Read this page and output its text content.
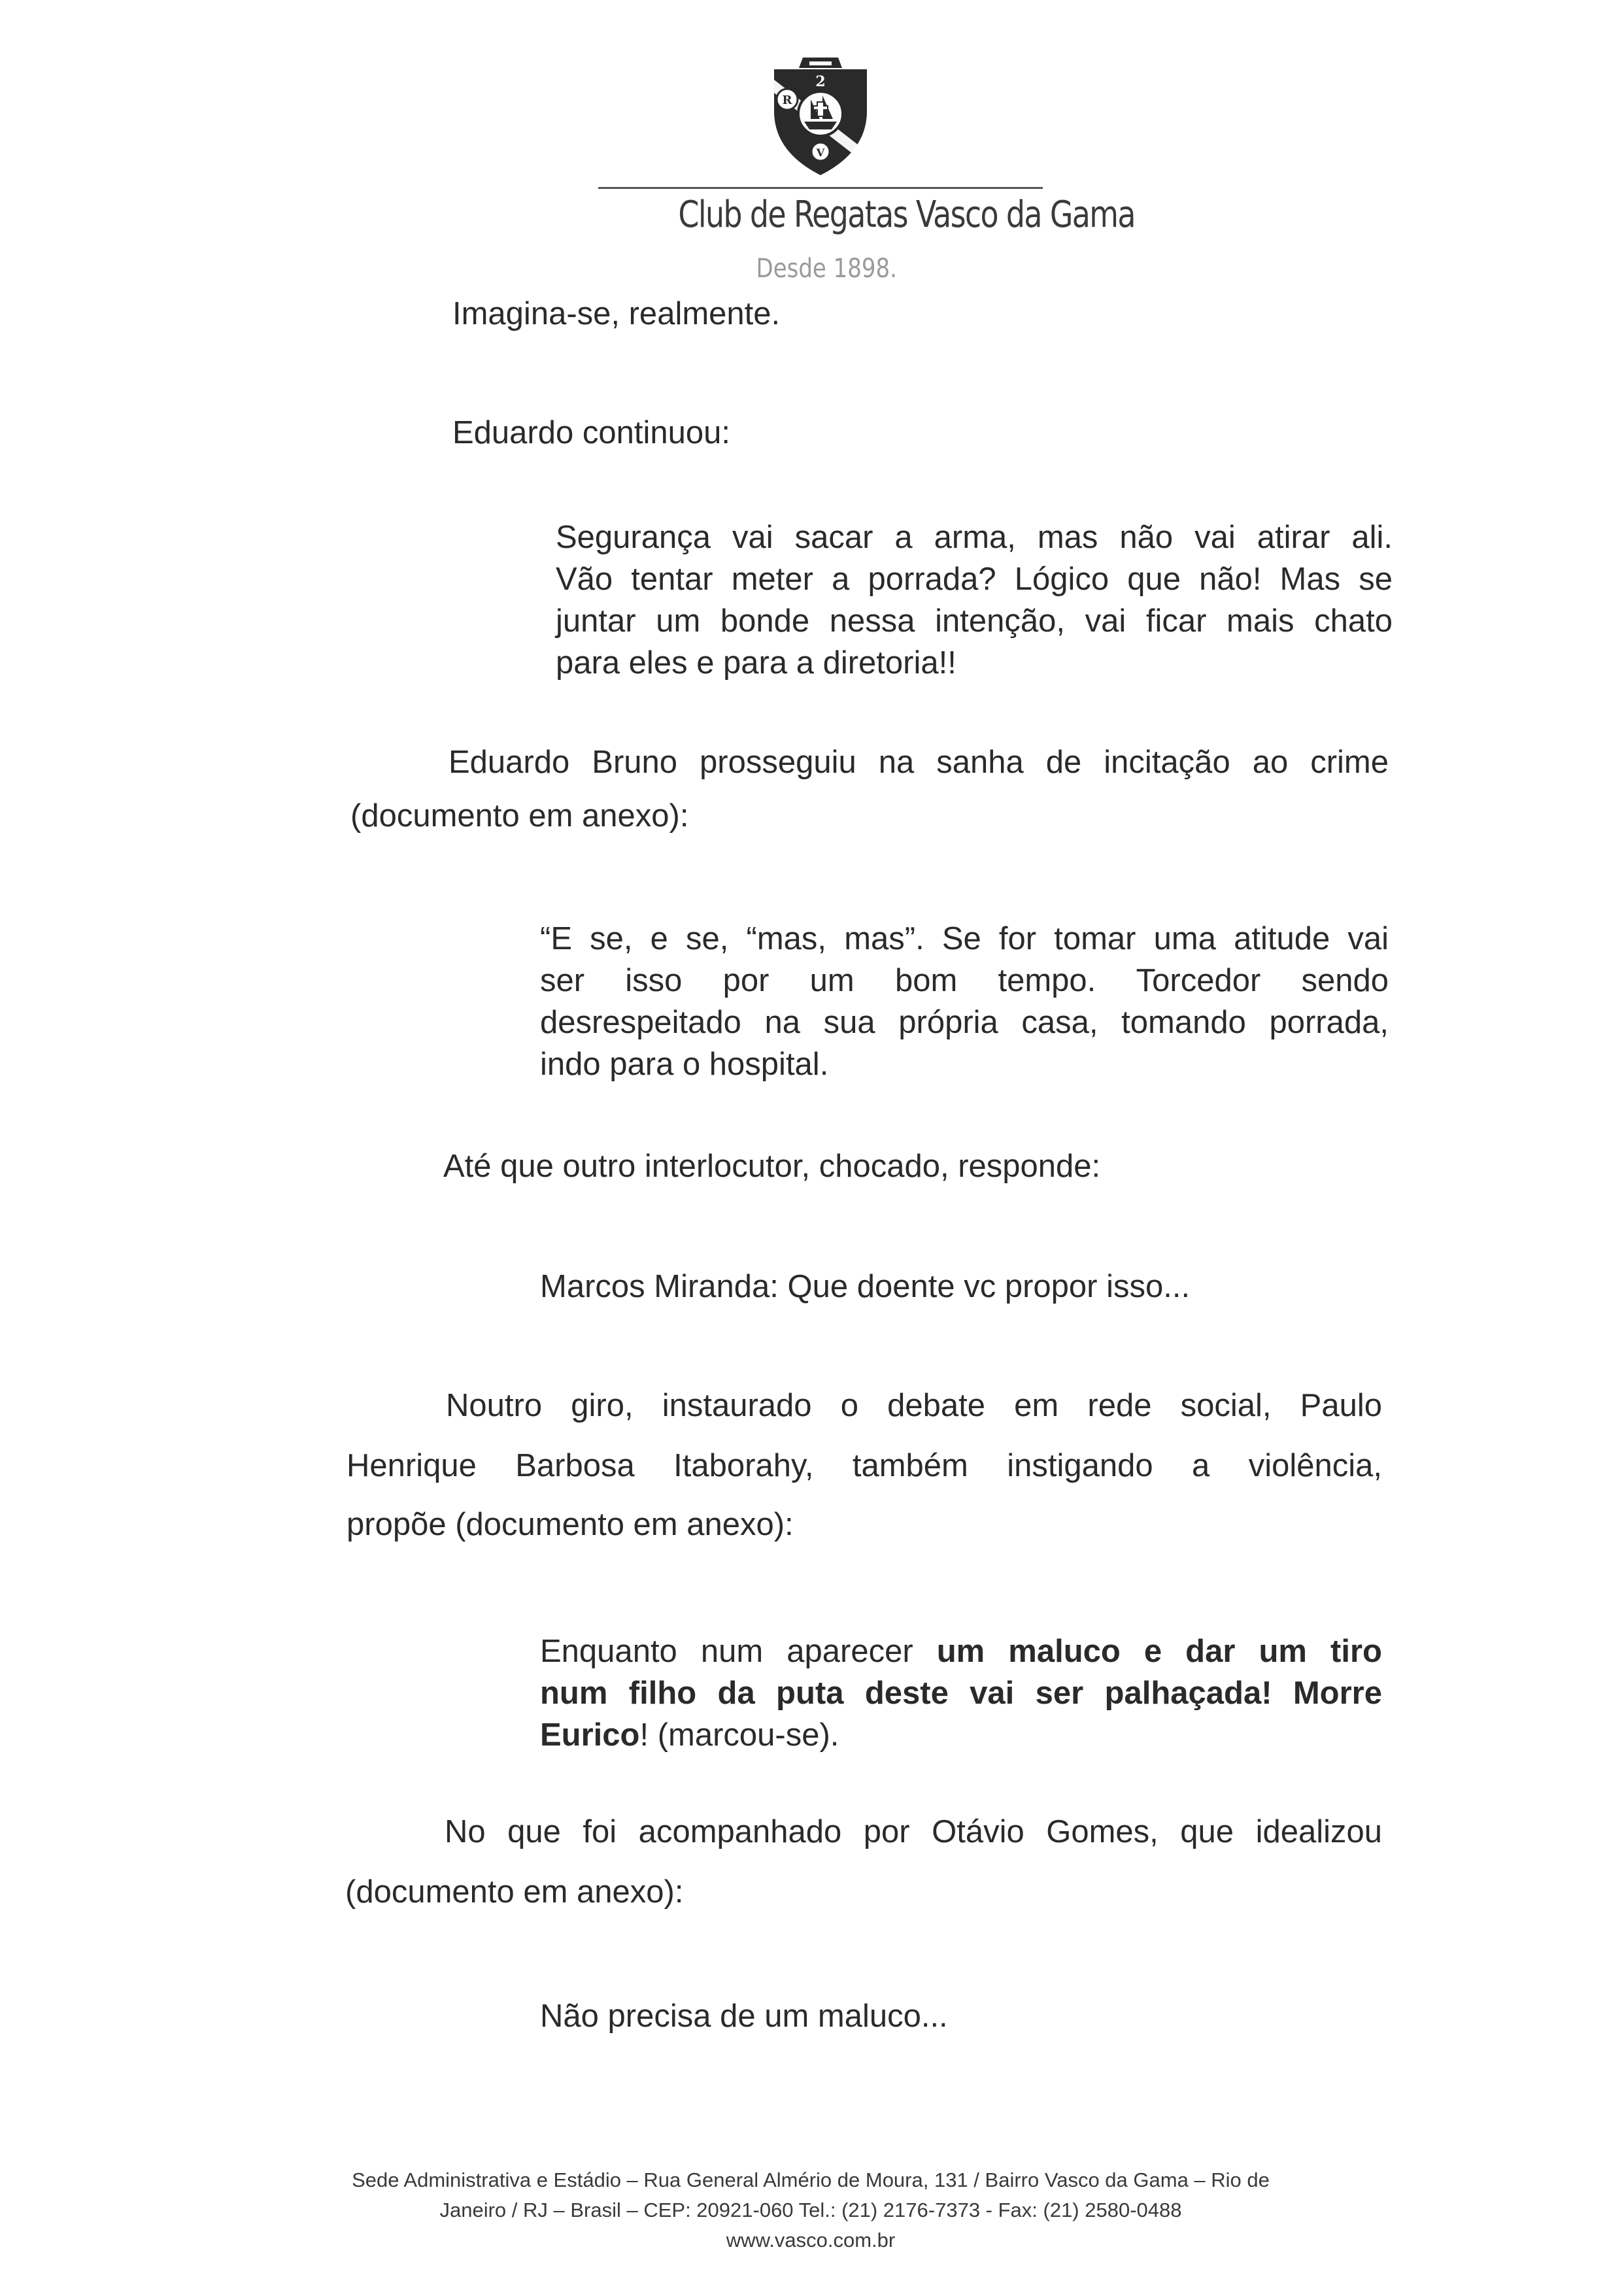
R
V
2
Club de Regatas Vasco da Gama
Desde 1898.
Imagina-se, realmente.
Eduardo continuou:
Segurança vai sacar a arma, mas não vai atirar ali.
Vão tentar meter a porrada? Lógico que não! Mas se
juntar um bonde nessa intenção, vai ficar mais chato
para eles e para a diretoria!!
Eduardo Bruno prosseguiu na sanha de incitação ao crime
(documento em anexo):
“E se, e se, “mas, mas”. Se for tomar uma atitude vai
ser isso por um bom tempo. Torcedor sendo
desrespeitado na sua própria casa, tomando porrada,
indo para o hospital.
Até que outro interlocutor, chocado, responde:
Marcos Miranda: Que doente vc propor isso...
Noutro giro, instaurado o debate em rede social, Paulo
Henrique Barbosa Itaborahy, também instigando a violência,
propõe (documento em anexo):
Enquanto num aparecer um maluco e dar um tiro
num filho da puta deste vai ser palhaçada! Morre
Eurico! (marcou-se).
No que foi acompanhado por Otávio Gomes, que idealizou
(documento em anexo):
Não precisa de um maluco...
Sede Administrativa e Estádio – Rua General Almério de Moura, 131 / Bairro Vasco da Gama – Rio de
Janeiro / RJ – Brasil – CEP: 20921-060 Tel.: (21) 2176-7373 - Fax: (21) 2580-0488
www.vasco.com.br
